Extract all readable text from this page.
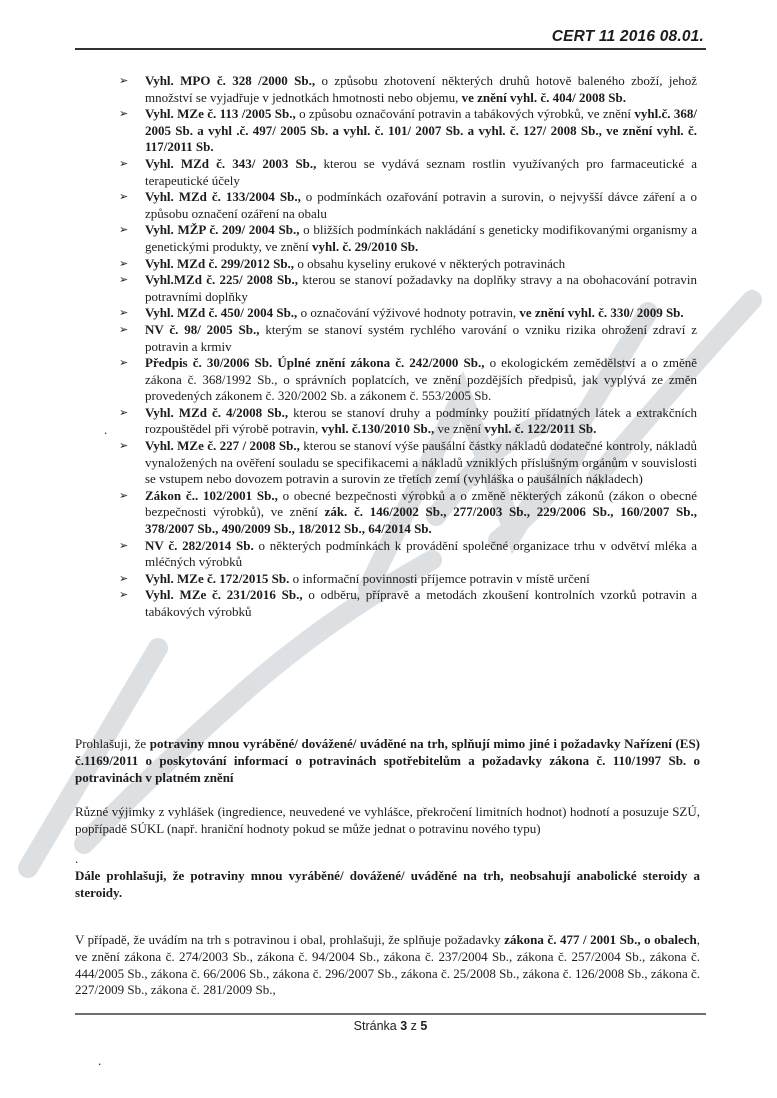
CERT 11 2016 08.01.
➢ Vyhl. MPO č. 328 /2000 Sb., o způsobu zhotovení některých druhů hotově baleného zboží, jehož množství se vyjadřuje v jednotkách hmotnosti nebo objemu, ve znění vyhl. č. 404/ 2008 Sb.
➢ Vyhl. MZe č. 113 /2005 Sb., o způsobu označování potravin a tabákových výrobků, ve znění vyhl.č. 368/ 2005 Sb. a vyhl .č. 497/ 2005 Sb. a vyhl. č. 101/ 2007 Sb. a vyhl. č. 127/ 2008 Sb., ve znění vyhl. č. 117/2011 Sb.
➢ Vyhl. MZd č. 343/ 2003 Sb., kterou se vydává seznam rostlin využívaných pro farmaceutické a terapeutické účely
➢ Vyhl. MZd č. 133/2004 Sb., o podmínkách ozařování potravin a surovin, o nejvyšší dávce záření a o způsobu označení ozáření na obalu
➢ Vyhl. MŽP č. 209/ 2004 Sb., o bližších podmínkách nakládání s geneticky modifikovanými organismy a genetickými produkty, ve znění vyhl. č. 29/2010 Sb.
➢ Vyhl. MZd č. 299/2012 Sb., o obsahu kyseliny erukové v některých potravinách
➢ Vyhl.MZd č. 225/ 2008 Sb., kterou se stanoví požadavky na doplňky stravy a na obohacování potravin potravními doplňky
➢ Vyhl. MZd č. 450/ 2004 Sb., o označování výživové hodnoty potravin, ve znění vyhl. č. 330/ 2009 Sb.
➢ NV č. 98/ 2005 Sb., kterým se stanoví systém rychlého varování o vzniku rizika ohrožení zdraví z potravin a krmiv
➢ Předpis č. 30/2006 Sb. Úplné znění zákona č. 242/2000 Sb., o ekologickém zemědělství a o změně zákona č. 368/1992 Sb., o správních poplatcích, ve znění pozdějších předpisů, jak vyplývá ze změn provedených zákonem č. 320/2002 Sb. a zákonem č. 553/2005 Sb.
➢ Vyhl. MZd č. 4/2008 Sb., kterou se stanoví druhy a podmínky použití přídatných látek a extrakčních rozpouštědel při výrobě potravin, vyhl. č.130/2010 Sb., ve znění vyhl. č. 122/2011 Sb.
➢ Vyhl. MZe č. 227 / 2008 Sb., kterou se stanoví výše paušální částky nákladů dodatečné kontroly, nákladů vynaložených na ověření souladu se specifikacemi a nákladů vzniklých příslušným orgánům v souvislosti se vstupem nebo dovozem potravin a surovin ze třetích zemí (vyhláška o paušálních nákladech)
➢ Zákon č.. 102/2001 Sb., o obecné bezpečnosti výrobků a o změně některých zákonů (zákon o obecné bezpečnosti výrobků), ve znění zák. č. 146/2002 Sb., 277/2003 Sb., 229/2006 Sb., 160/2007 Sb., 378/2007 Sb., 490/2009 Sb., 18/2012 Sb., 64/2014 Sb.
➢ NV č. 282/2014 Sb. o některých podmínkách k provádění společné organizace trhu v odvětví mléka a mléčných výrobků
➢ Vyhl. MZe č. 172/2015 Sb. o informační povinnosti příjemce potravin v místě určení
➢ Vyhl. MZe č. 231/2016 Sb., o odběru, přípravě a metodách zkoušení kontrolních vzorků potravin a tabákových výrobků
Prohlašuji, že potraviny mnou vyráběné/ dovážené/ uváděné na trh, splňují mimo jiné i požadavky Nařízení (ES) č.1169/2011 o poskytování informací o potravinách spotřebitelům a požadavky zákona č. 110/1997 Sb. o potravinách v platném znění
Různé výjimky z vyhlášek (ingredience, neuvedené ve vyhlášce, překročení limitních hodnot) hodnotí a posuzuje SZÚ, popřípadě SÚKL (např. hraniční hodnoty pokud se může jednat o potravinu nového typu)
.
Dále prohlašuji, že potraviny mnou vyráběné/ dovážené/ uváděné na trh, neobsahují anabolické steroidy a steroidy.
V případě, že uvádím na trh s potravinou i obal, prohlašuji, že splňuje požadavky zákona č. 477 / 2001 Sb., o obalech, ve znění zákona č. 274/2003 Sb., zákona č. 94/2004 Sb., zákona č. 237/2004 Sb., zákona č. 257/2004 Sb., zákona č. 444/2005 Sb., zákona č. 66/2006 Sb., zákona č. 296/2007 Sb., zákona č. 25/2008 Sb., zákona č. 126/2008 Sb., zákona č. 227/2009 Sb., zákona č. 281/2009 Sb.,
Stránka 3 z 5
.
.
